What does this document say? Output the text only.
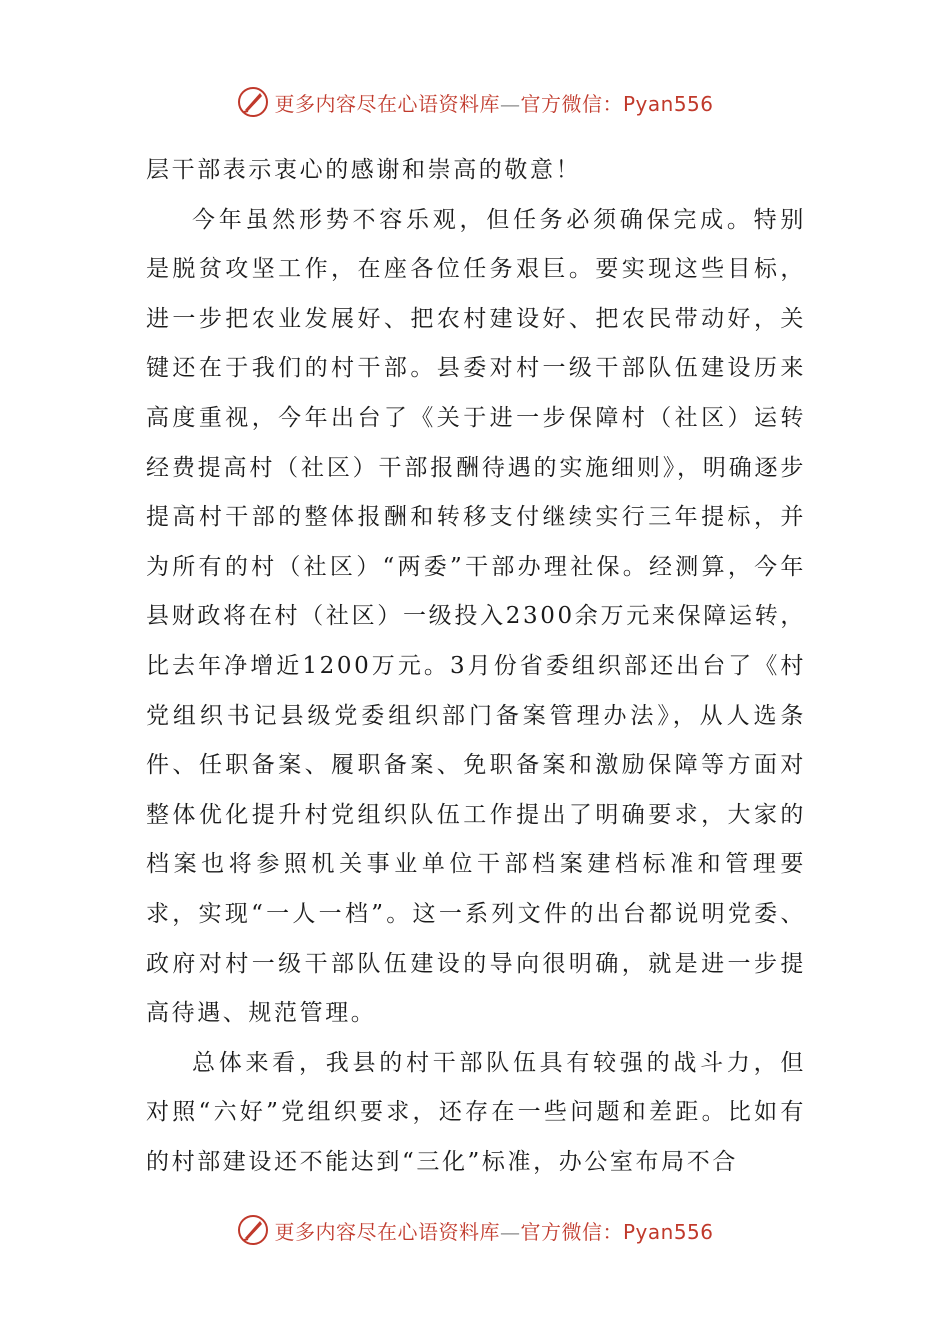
更多内容尽在心语资料库—官方微信：Pyan556

层干部表示衷心的感谢和崇高的敬意！

今年虽然形势不容乐观，但任务必须确保完成。特别是脱贫攻坚工作，在座各位任务艰巨。要实现这些目标，进一步把农业发展好、把农村建设好、把农民带动好，关键还在于我们的村干部。县委对村一级干部队伍建设历来高度重视，今年出台了《关于进一步保障村（社区）运转经费提高村（社区）干部报酬待遇的实施细则》，明确逐步提高村干部的整体报酬和转移支付继续实行三年提标，并为所有的村（社区）“两委”干部办理社保。经测算，今年县财政将在村（社区）一级投入2300余万元来保障运转，比去年净增近1200万元。3月份省委组织部还出台了《村党组织书记县级党委组织部门备案管理办法》，从人选条件、任职备案、履职备案、免职备案和激励保障等方面对整体优化提升村党组织队伍工作提出了明确要求，大家的档案也将参照机关事业单位干部档案建档标准和管理要求，实现“一人一档”。这一系列文件的出台都说明党委、政府对村一级干部队伍建设的导向很明确，就是进一步提高待遇、规范管理。

总体来看，我县的村干部队伍具有较强的战斗力，但对照“六好”党组织要求，还存在一些问题和差距。比如有的村部建设还不能达到“三化”标准，办公室布局不合

更多内容尽在心语资料库—官方微信：Pyan556
